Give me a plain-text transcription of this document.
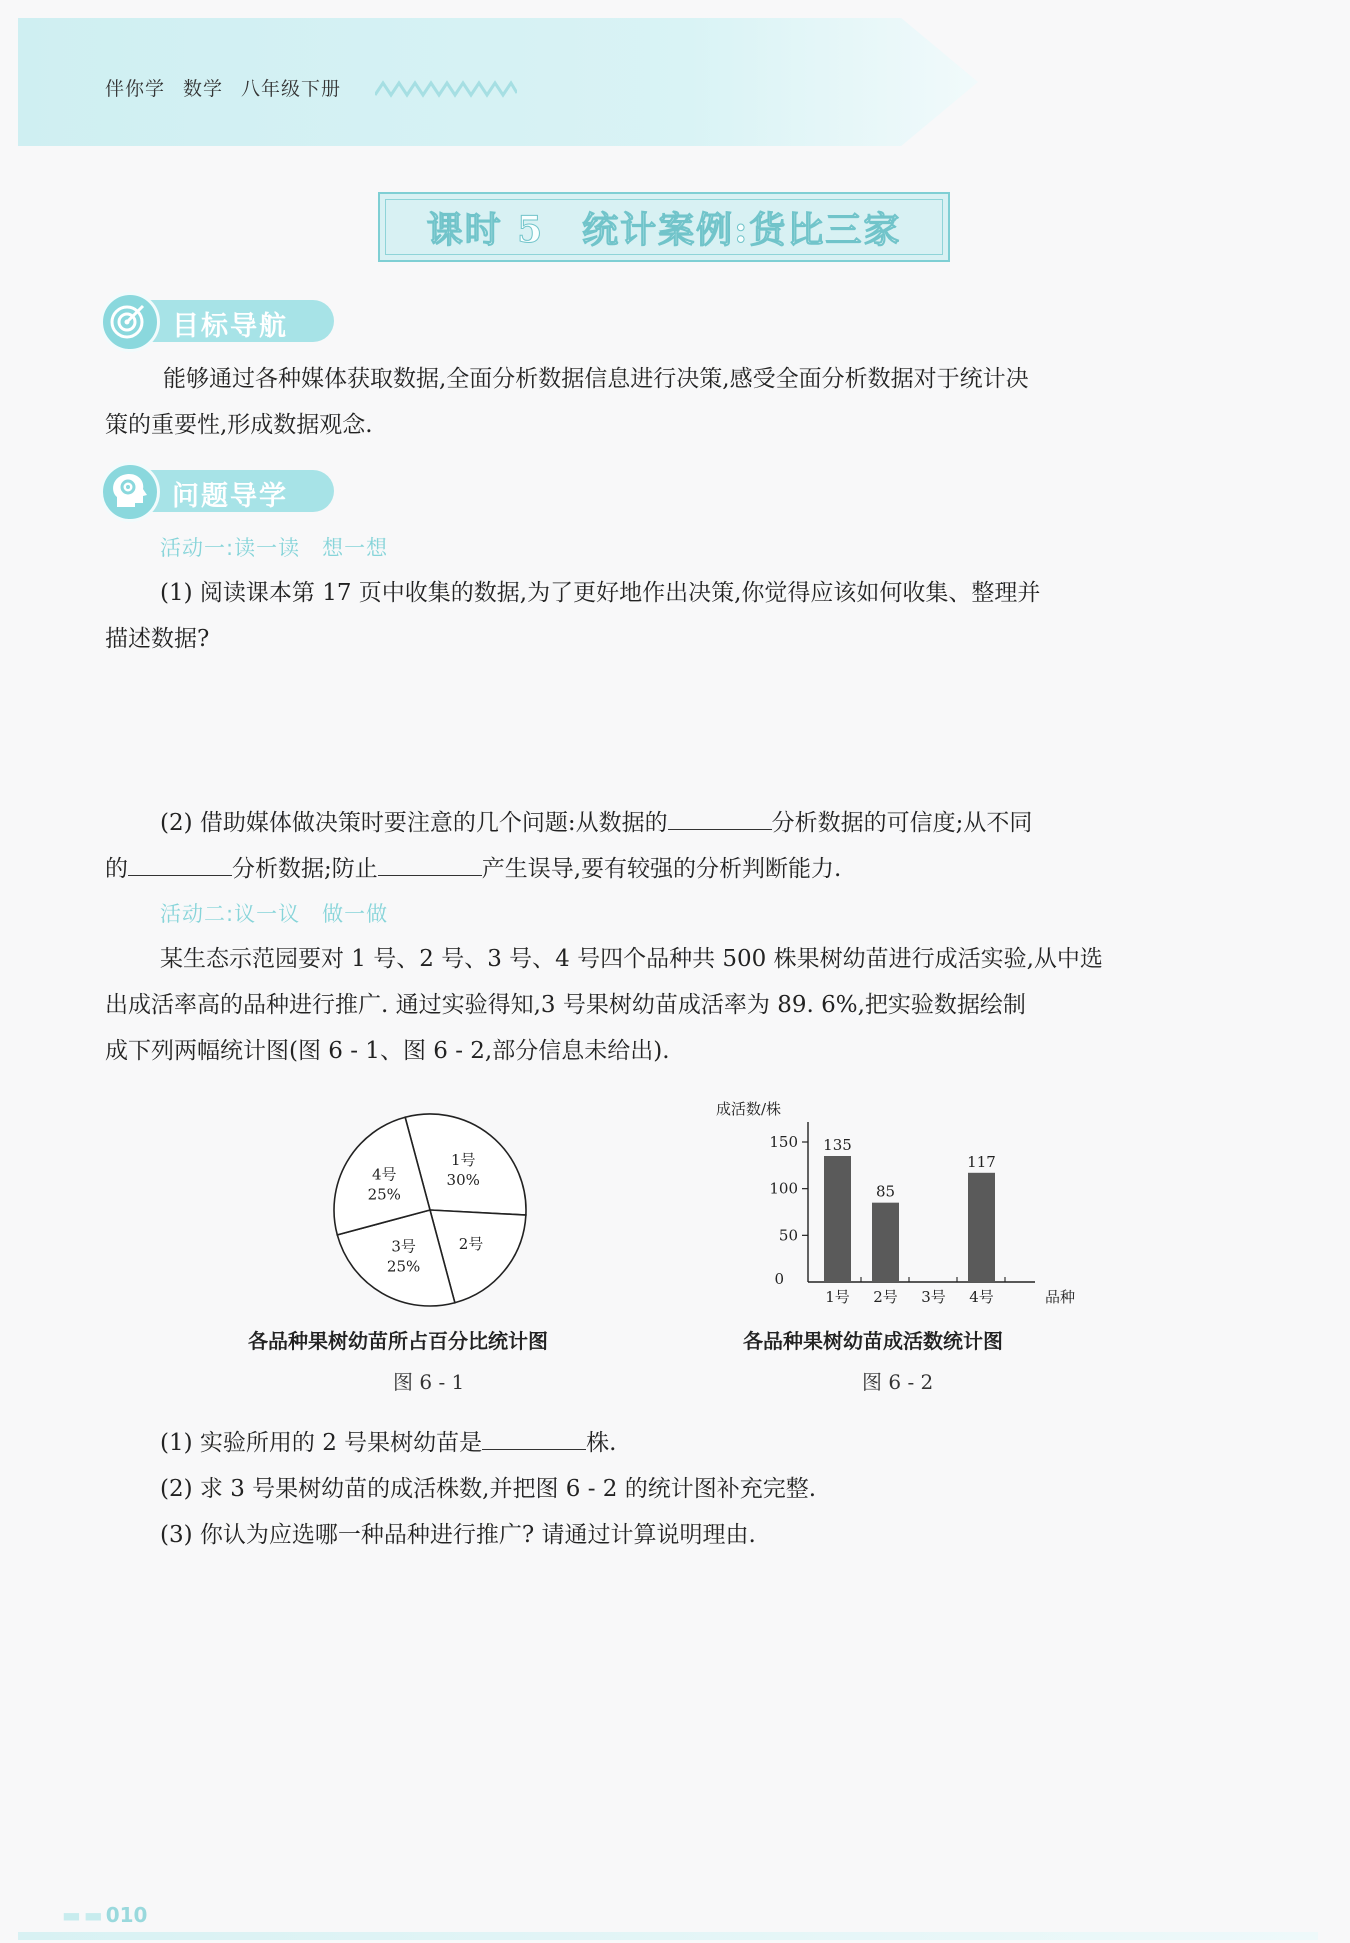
伴你学 数学 八年级下册
课时 5　统计案例:货比三家
目标导航
能够通过各种媒体获取数据,全面分析数据信息进行决策,感受全面分析数据对于统计决
策的重要性,形成数据观念.
问题导学
活动一:读一读　想一想
(1) 阅读课本第 17 页中收集的数据,为了更好地作出决策,你觉得应该如何收集、整理并
描述数据?
(2) 借助媒体做决策时要注意的几个问题:从数据的	分析数据的可信度;从不同
的	分析数据;防止	产生误导,要有较强的分析判断能力.
活动二:议一议　做一做
某生态示范园要对 1 号、2 号、3 号、4 号四个品种共 500 株果树幼苗进行成活实验,从中选
出成活率高的品种进行推广. 通过实验得知,3 号果树幼苗成活率为 89. 6%,把实验数据绘制
成下列两幅统计图(图 6 - 1、图 6 - 2,部分信息未给出).
1号
30%
2号
3号
25%
4号
25%
各品种果树幼苗所占百分比统计图
图 6 - 1
成活数/株
品种
0
50
100
150 135
1号
85
2号 3号
117
4号
各品种果树幼苗成活数统计图
图 6 - 2
(1) 实验所用的 2 号果树幼苗是	株.
(2) 求 3 号果树幼苗的成活株数,并把图 6 - 2 的统计图补充完整.
(3) 你认为应选哪一种品种进行推广? 请通过计算说明理由.
▬ ▬ 010
